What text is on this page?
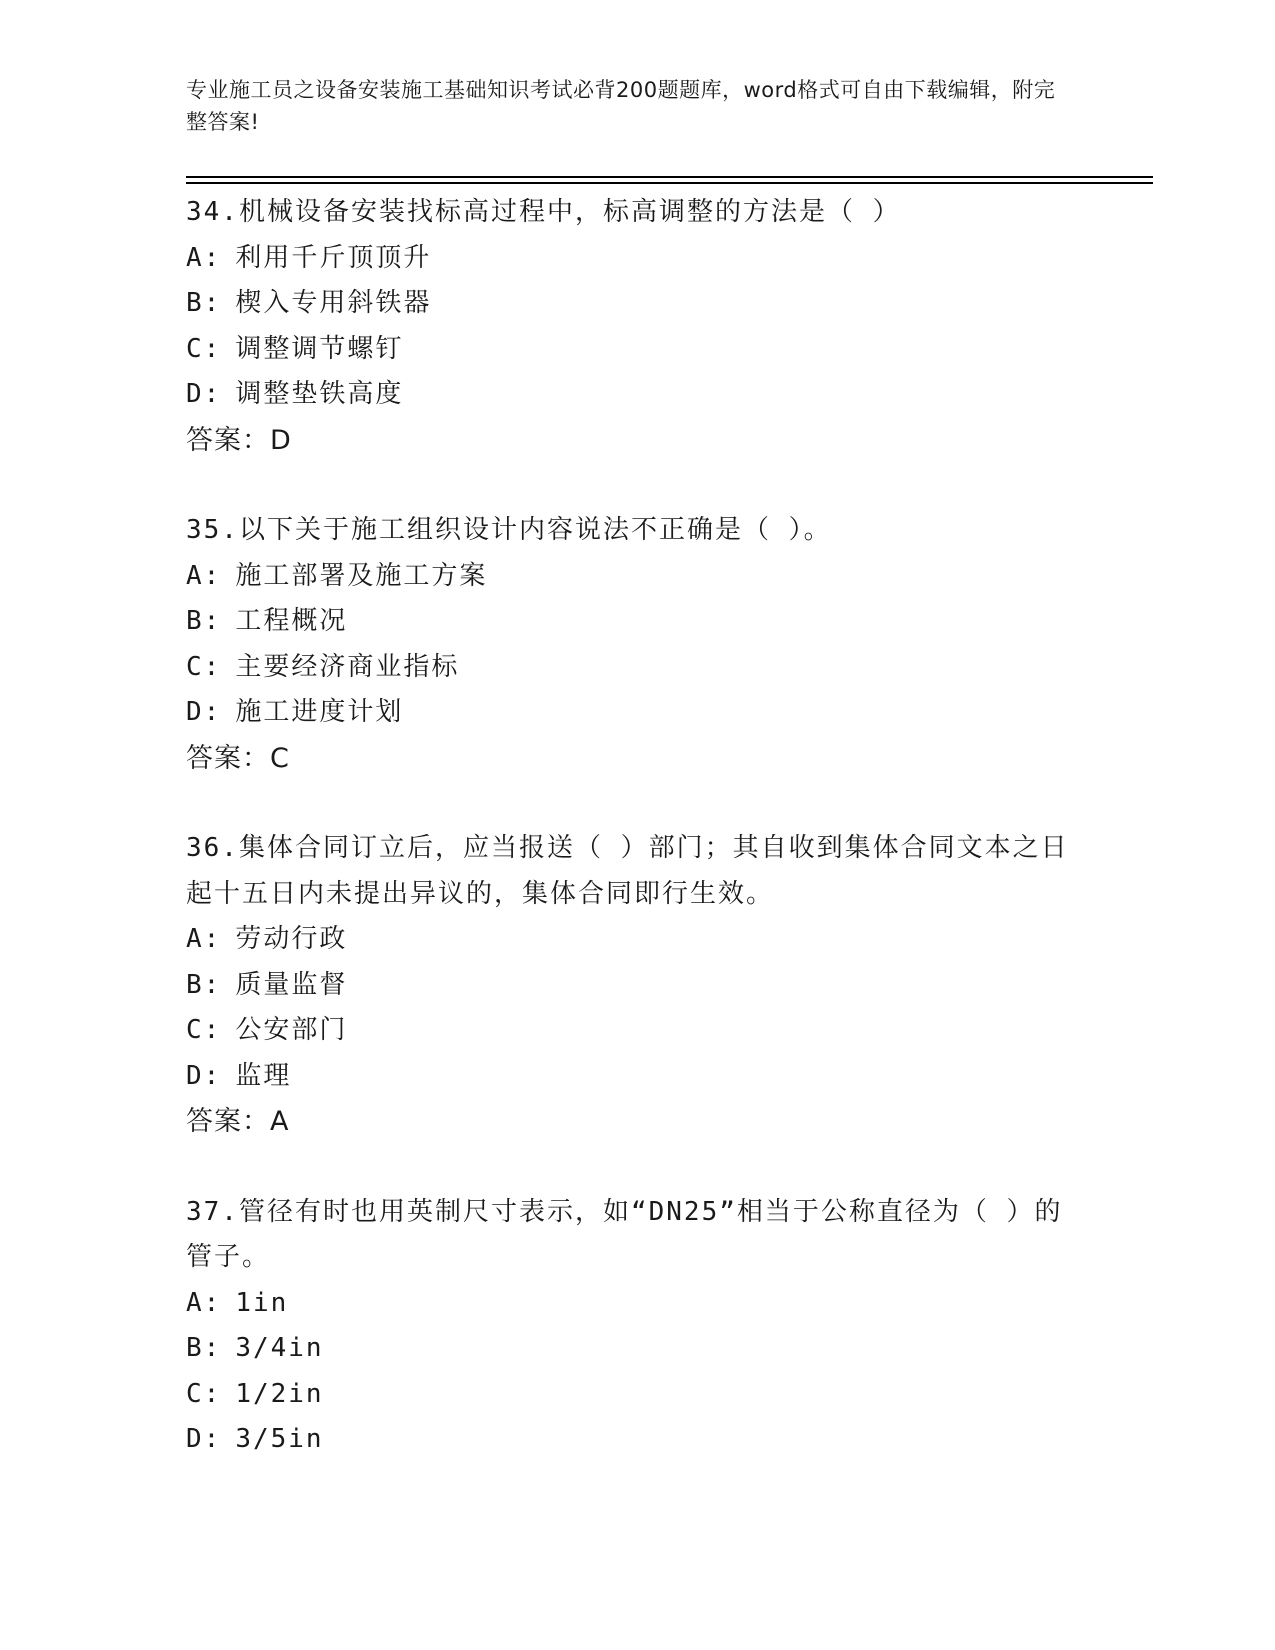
专业施工员之设备安装施工基础知识考试必背200题题库，word格式可自由下载编辑，附完整答案!
34.机械设备安装找标高过程中，标高调整的方法是（ ）
A: 利用千斤顶顶升
B: 楔入专用斜铁器
C: 调整调节螺钉
D: 调整垫铁高度
答案：D
35.以下关于施工组织设计内容说法不正确是（ ）。
A: 施工部署及施工方案
B: 工程概况
C: 主要经济商业指标
D: 施工进度计划
答案：C
36.集体合同订立后，应当报送（ ）部门；其自收到集体合同文本之日起十五日内未提出异议的，集体合同即行生效。
A: 劳动行政
B: 质量监督
C: 公安部门
D: 监理
答案：A
37.管径有时也用英制尺寸表示，如“DN25”相当于公称直径为（ ）的管子。
A: 1in
B: 3/4in
C: 1/2in
D: 3/5in
